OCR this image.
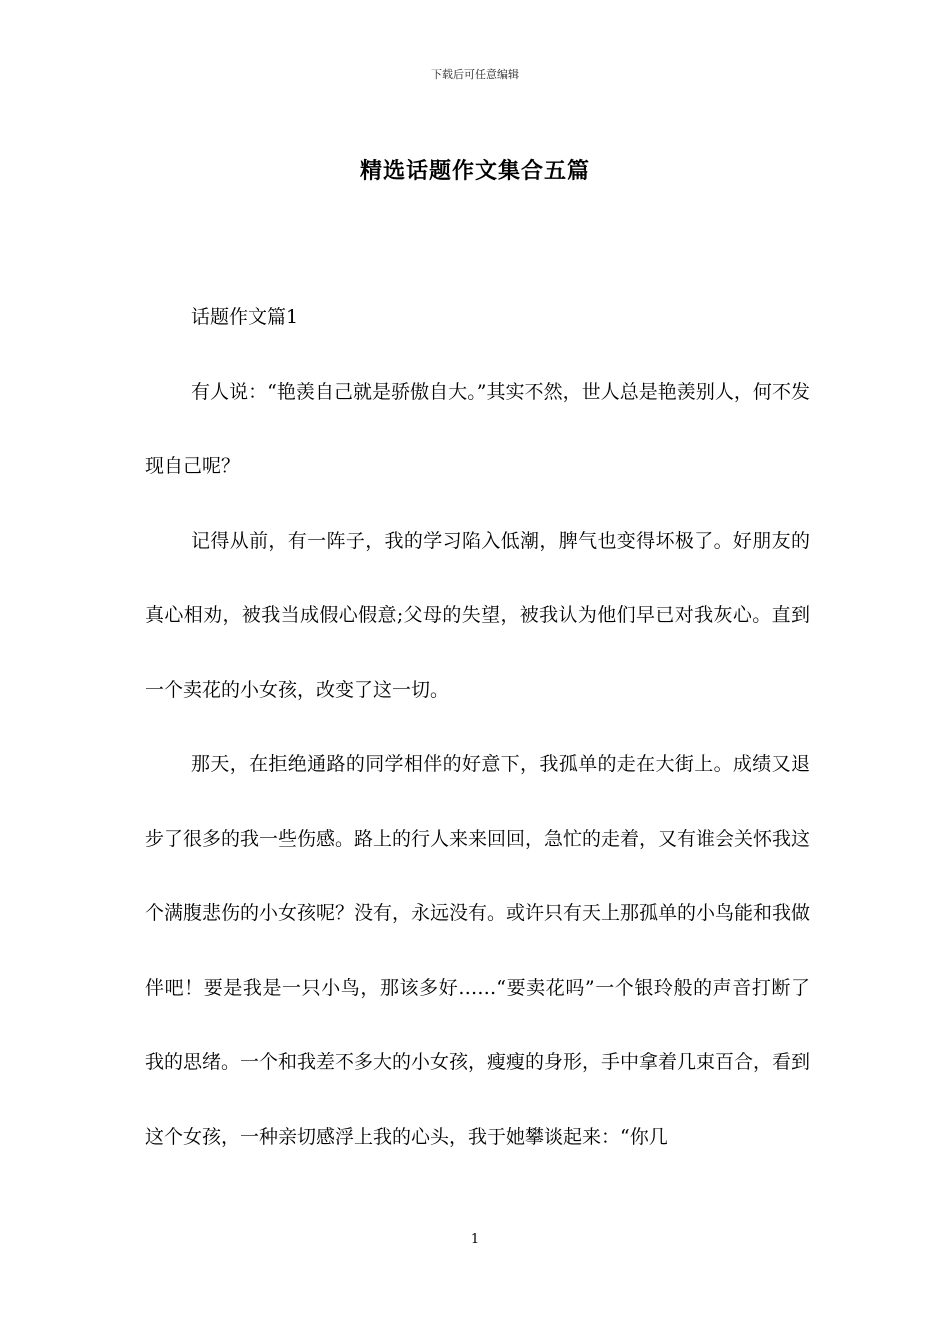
下载后可任意编辑
精选话题作文集合五篇

话题作文篇1

有人说：“艳羡自己就是骄傲自大。”其实不然，世人总是艳羡别人，何不发现自己呢？

记得从前，有一阵子，我的学习陷入低潮，脾气也变得坏极了。好朋友的真心相劝，被我当成假心假意;父母的失望，被我认为他们早已对我灰心。直到一个卖花的小女孩，改变了这一切。

那天，在拒绝通路的同学相伴的好意下，我孤单的走在大街上。成绩又退步了很多的我一些伤感。路上的行人来来回回，急忙的走着，又有谁会关怀我这个满腹悲伤的小女孩呢？没有，永远没有。或许只有天上那孤单的小鸟能和我做伴吧！要是我是一只小鸟，那该多好……“要卖花吗”一个银玲般的声音打断了我的思绪。一个和我差不多大的小女孩，瘦瘦的身形，手中拿着几束百合，看到这个女孩，一种亲切感浮上我的心头，我于她攀谈起来：“你几

1
